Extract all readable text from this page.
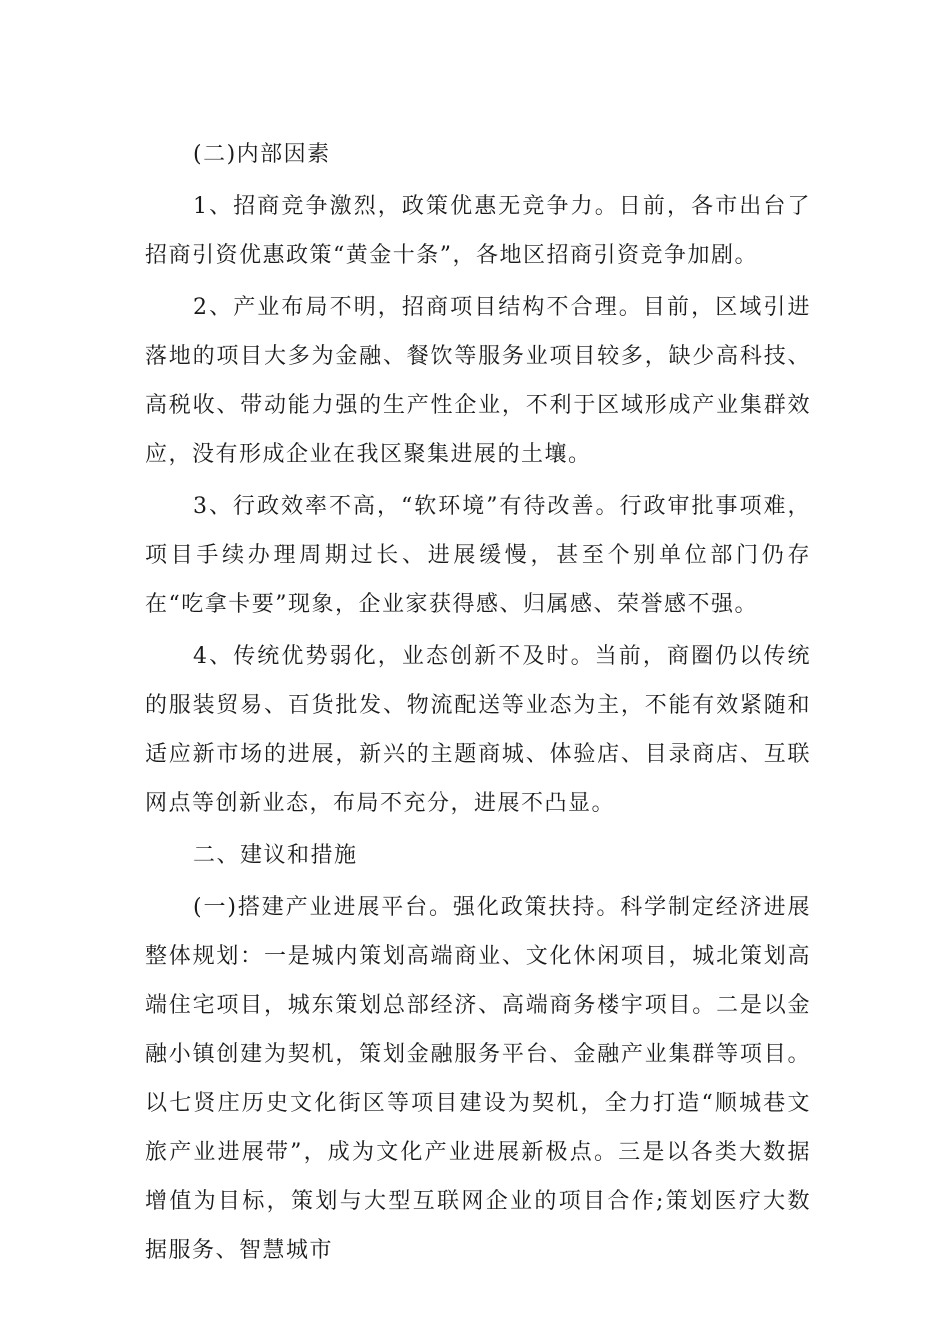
(二)内部因素

1、招商竞争激烈，政策优惠无竞争力。日前，各市出台了招商引资优惠政策“黄金十条”，各地区招商引资竞争加剧。

2、产业布局不明，招商项目结构不合理。目前，区域引进落地的项目大多为金融、餐饮等服务业项目较多，缺少高科技、高税收、带动能力强的生产性企业，不利于区域形成产业集群效应，没有形成企业在我区聚集进展的土壤。

3、行政效率不高，“软环境”有待改善。行政审批事项难，项目手续办理周期过长、进展缓慢，甚至个别单位部门仍存在“吃拿卡要”现象，企业家获得感、归属感、荣誉感不强。

4、传统优势弱化，业态创新不及时。当前，商圈仍以传统的服装贸易、百货批发、物流配送等业态为主，不能有效紧随和适应新市场的进展，新兴的主题商城、体验店、目录商店、互联网点等创新业态，布局不充分，进展不凸显。

二、建议和措施

(一)搭建产业进展平台。强化政策扶持。科学制定经济进展整体规划：一是城内策划高端商业、文化休闲项目，城北策划高端住宅项目，城东策划总部经济、高端商务楼宇项目。二是以金融小镇创建为契机，策划金融服务平台、金融产业集群等项目。以七贤庄历史文化街区等项目建设为契机，全力打造“顺城巷文旅产业进展带”，成为文化产业进展新极点。三是以各类大数据增值为目标，策划与大型互联网企业的项目合作;策划医疗大数据服务、智慧城市
